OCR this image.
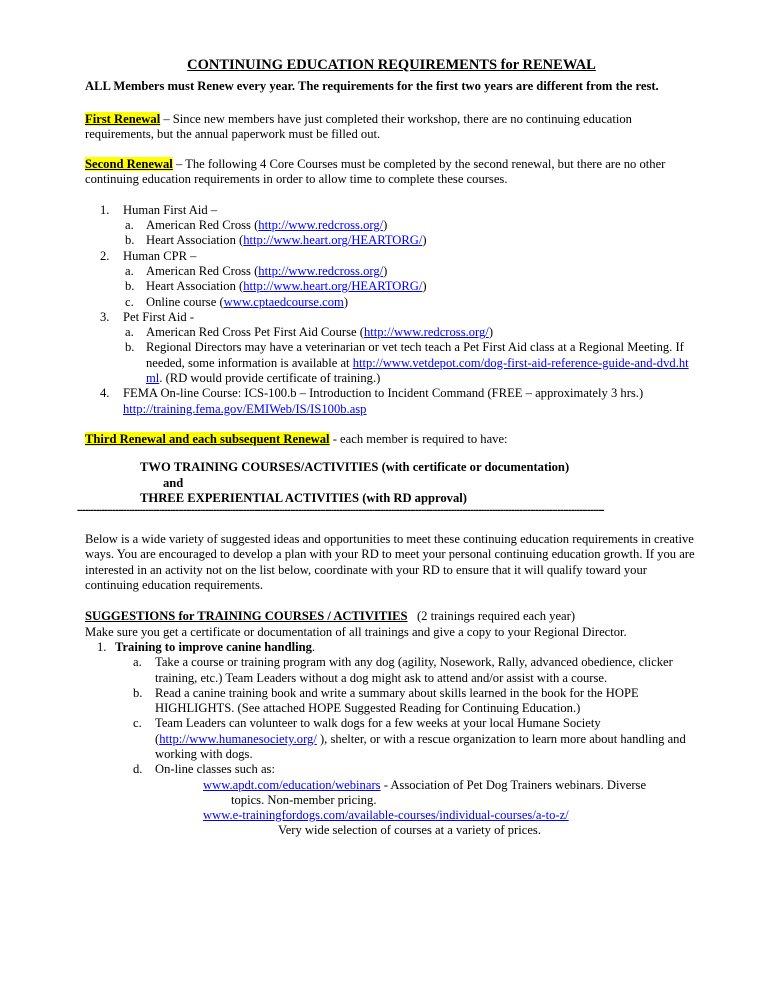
CONTINUING EDUCATION REQUIREMENTS for RENEWAL
ALL Members must Renew every year. The requirements for the first two years are different from the rest.

First Renewal – Since new members have just completed their workshop, there are no continuing education requirements, but the annual paperwork must be filled out.

Second Renewal – The following 4 Core Courses must be completed by the second renewal, but there are no other continuing education requirements in order to allow time to complete these courses.

1. Human First Aid –
a. American Red Cross (http://www.redcross.org/)
b. Heart Association (http://www.heart.org/HEARTORG/)
2. Human CPR –
a. American Red Cross (http://www.redcross.org/)
b. Heart Association (http://www.heart.org/HEARTORG/)
c. Online course (www.cptaedcourse.com)
3. Pet First Aid -
a. American Red Cross Pet First Aid Course (http://www.redcross.org/)
b. Regional Directors may have a veterinarian or vet tech teach a Pet First Aid class at a Regional Meeting. If needed, some information is available at http://www.vetdepot.com/dog-first-aid-reference-guide-and-dvd.html. (RD would provide certificate of training.)
4. FEMA On-line Course: ICS-100.b – Introduction to Incident Command (FREE – approximately 3 hrs.)
http://training.fema.gov/EMIWeb/IS/IS100b.asp

Third Renewal and each subsequent Renewal - each member is required to have:

TWO TRAINING COURSES/ACTIVITIES (with certificate or documentation)
and
THREE EXPERIENTIAL ACTIVITIES (with RD approval)
-------------------------------------------------------------------------------------------------------------------------------------------------------------------------------------------------

Below is a wide variety of suggested ideas and opportunities to meet these continuing education requirements in creative ways. You are encouraged to develop a plan with your RD to meet your personal continuing education growth. If you are interested in an activity not on the list below, coordinate with your RD to ensure that it will qualify toward your continuing education requirements.

SUGGESTIONS for TRAINING COURSES / ACTIVITIES   (2 trainings required each year)
Make sure you get a certificate or documentation of all trainings and give a copy to your Regional Director.
1. Training to improve canine handling.
a. Take a course or training program with any dog (agility, Nosework, Rally, advanced obedience, clicker training, etc.) Team Leaders without a dog might ask to attend and/or assist with a course.
b. Read a canine training book and write a summary about skills learned in the book for the HOPE HIGHLIGHTS. (See attached HOPE Suggested Reading for Continuing Education.)
c. Team Leaders can volunteer to walk dogs for a few weeks at your local Humane Society (http://www.humanesociety.org/ ), shelter, or with a rescue organization to learn more about handling and working with dogs.
d. On-line classes such as:
www.apdt.com/education/webinars - Association of Pet Dog Trainers webinars. Diverse
topics. Non-member pricing.
www.e-trainingfordogs.com/available-courses/individual-courses/a-to-z/
Very wide selection of courses at a variety of prices.
